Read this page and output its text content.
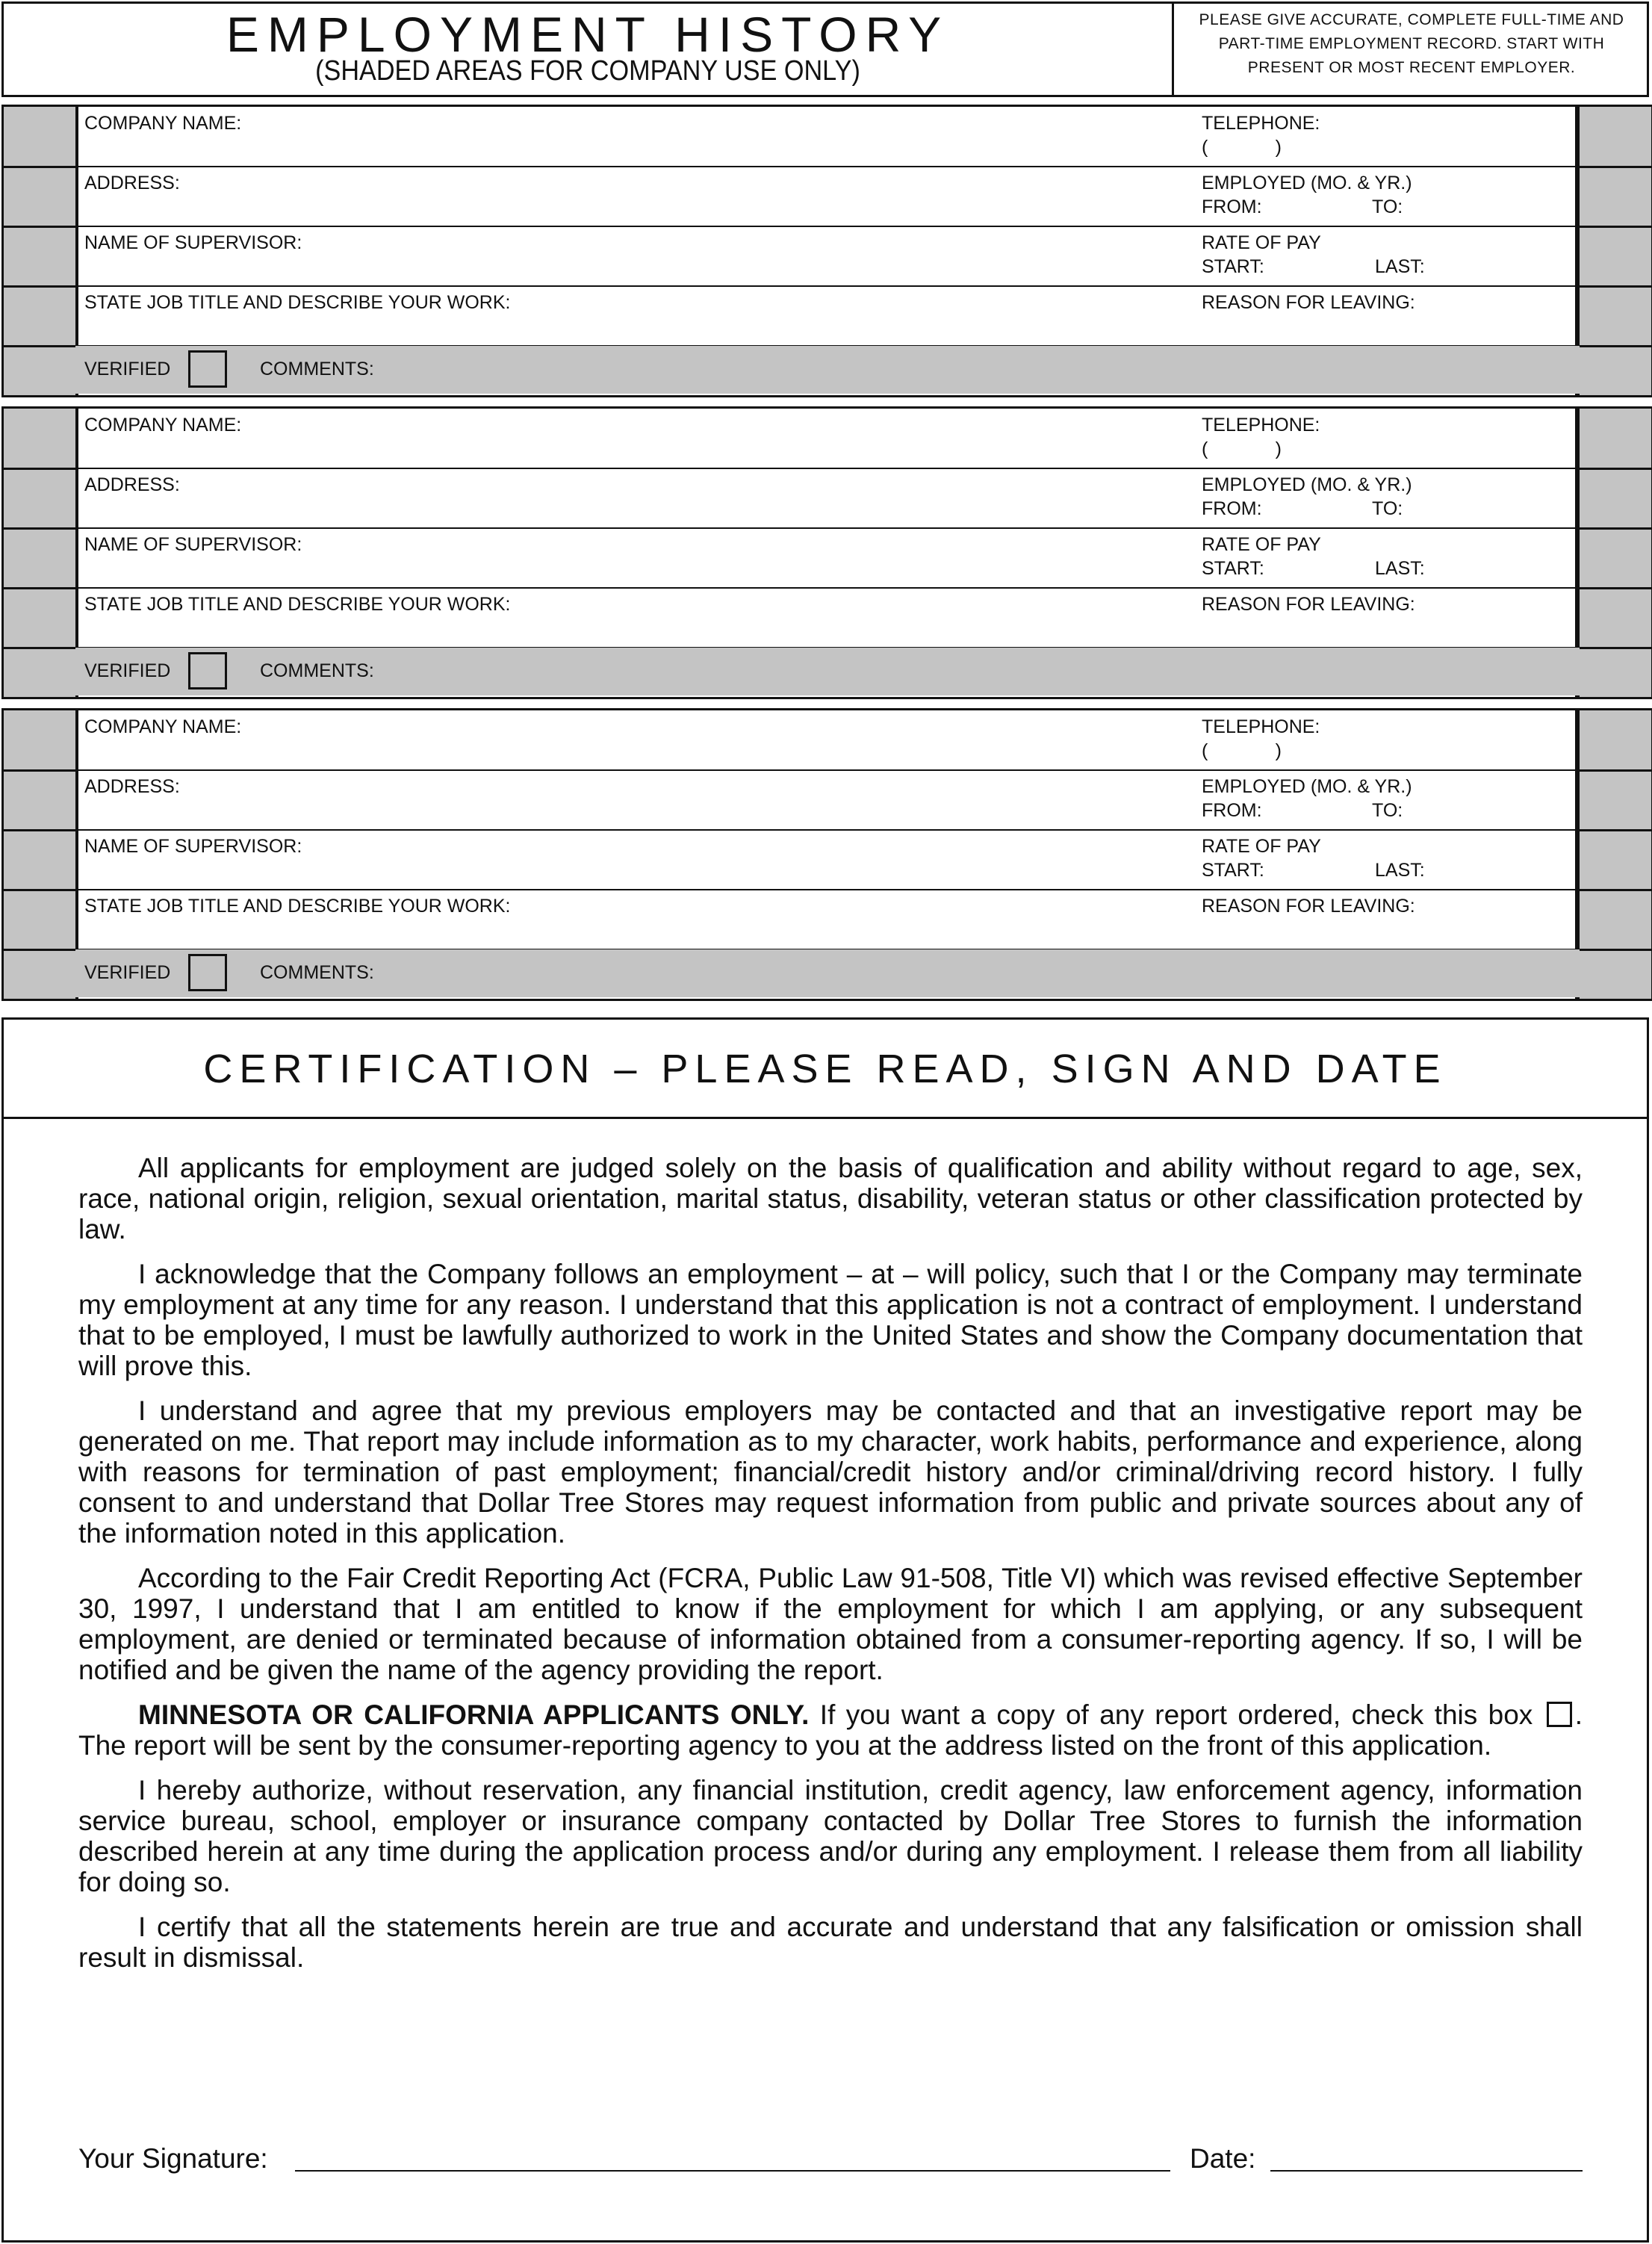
EMPLOYMENT HISTORY
(SHADED AREAS FOR COMPANY USE ONLY)
PLEASE GIVE ACCURATE, COMPLETE FULL-TIME AND PART-TIME EMPLOYMENT RECORD. START WITH PRESENT OR MOST RECENT EMPLOYER.
COMPANY NAME:	TELEPHONE:
(             )
ADDRESS:	EMPLOYED (MO. & YR.)
FROM:	TO:
NAME OF SUPERVISOR:	RATE OF PAY
START:	LAST:
STATE JOB TITLE AND DESCRIBE YOUR WORK:	REASON FOR LEAVING:
VERIFIED	COMMENTS:
COMPANY NAME:	TELEPHONE:
(             )
ADDRESS:	EMPLOYED (MO. & YR.)
FROM:	TO:
NAME OF SUPERVISOR:	RATE OF PAY
START:	LAST:
STATE JOB TITLE AND DESCRIBE YOUR WORK:	REASON FOR LEAVING:
VERIFIED	COMMENTS:
COMPANY NAME:	TELEPHONE:
(             )
ADDRESS:	EMPLOYED (MO. & YR.)
FROM:	TO:
NAME OF SUPERVISOR:	RATE OF PAY
START:	LAST:
STATE JOB TITLE AND DESCRIBE YOUR WORK:	REASON FOR LEAVING:
VERIFIED	COMMENTS:
CERTIFICATION – PLEASE READ, SIGN AND DATE

All applicants for employment are judged solely on the basis of qualification and ability without regard to age, sex, race, national origin, religion, sexual orientation, marital status, disability, veteran status or other classification protected by law.

I acknowledge that the Company follows an employment – at – will policy, such that I or the Company may terminate my employment at any time for any reason. I understand that this application is not a contract of employment. I understand that to be employed, I must be lawfully authorized to work in the United States and show the Company documentation that will prove this.

I understand and agree that my previous employers may be contacted and that an investigative report may be generated on me. That report may include information as to my character, work habits, performance and experience, along with reasons for termination of past employment; financial/credit history and/or criminal/driving record history. I fully consent to and understand that Dollar Tree Stores may request information from public and private sources about any of the information noted in this application.

According to the Fair Credit Reporting Act (FCRA, Public Law 91-508, Title VI) which was revised effective September 30, 1997, I understand that I am entitled to know if the employment for which I am applying, or any subsequent employment, are denied or terminated because of information obtained from a consumer-reporting agency. If so, I will be notified and be given the name of the agency providing the report.

MINNESOTA OR CALIFORNIA APPLICANTS ONLY. If you want a copy of any report ordered, check this box . The report will be sent by the consumer-reporting agency to you at the address listed on the front of this application.

I hereby authorize, without reservation, any financial institution, credit agency, law enforcement agency, information service bureau, school, employer or insurance company contacted by Dollar Tree Stores to furnish the information described herein at any time during the application process and/or during any employment. I release them from all liability for doing so.

I certify that all the statements herein are true and accurate and understand that any falsification or omission shall result in dismissal.

Your Signature:	Date:
